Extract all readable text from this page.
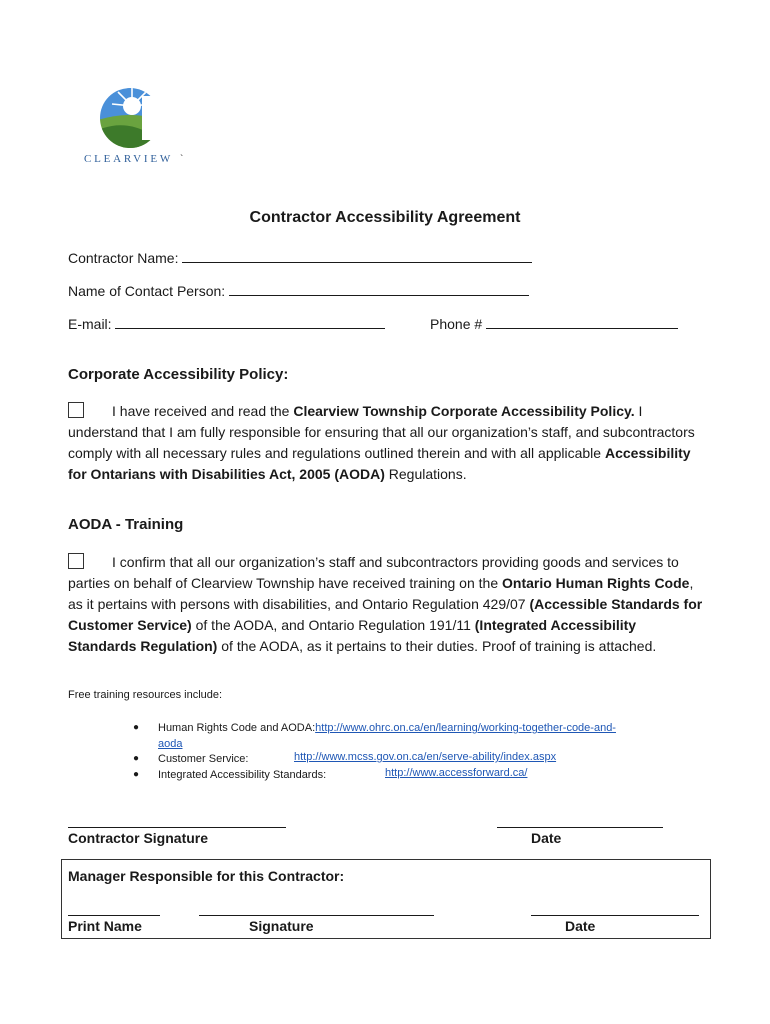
CLEARVIEW `
Contractor Accessibility Agreement
Contractor Name:
Name of Contact Person:
E-mail:	Phone #
Corporate Accessibility Policy:
I have received and read the Clearview Township Corporate Accessibility Policy. I understand that I am fully responsible for ensuring that all our organization’s staff, and subcontractors comply with all necessary rules and regulations outlined therein and with all applicable Accessibility for Ontarians with Disabilities Act, 2005 (AODA) Regulations.
AODA - Training
I confirm that all our organization’s staff and subcontractors providing goods and services to parties on behalf of Clearview Township have received training on the Ontario Human Rights Code, as it pertains with persons with disabilities, and Ontario Regulation 429/07 (Accessible Standards for Customer Service) of the AODA, and Ontario Regulation 191/11 (Integrated Accessibility Standards Regulation) of the AODA, as it pertains to their duties. Proof of training is attached.
Free training resources include:
● Human Rights Code and AODA:http://www.ohrc.on.ca/en/learning/working-together-code-and-
aoda
● Customer Service:	http://www.mcss.gov.on.ca/en/serve-ability/index.aspx
● Integrated Accessibility Standards:	http://www.accessforward.ca/
Contractor Signature	Date
Manager Responsible for this Contractor:
Print Name	Signature	Date
